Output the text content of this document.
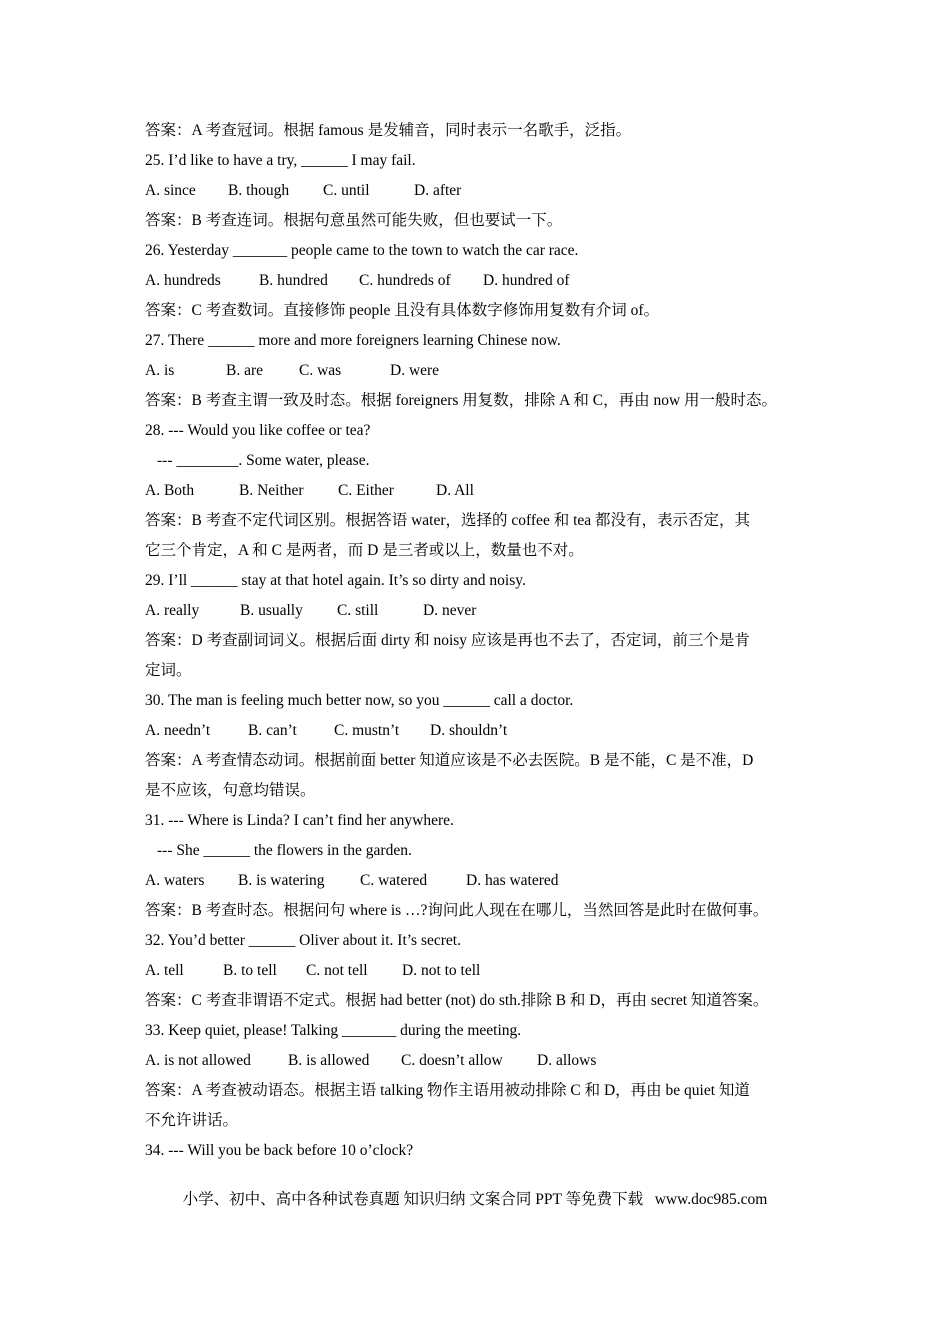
答案：A 考查冠词。根据 famous 是发辅音，同时表示一名歌手，泛指。
25. I’d like to have a try, ______ I may fail.
A. since	B. though	C. until	D. after
答案：B 考查连词。根据句意虽然可能失败，但也要试一下。
26. Yesterday _______ people came to the town to watch the car race.
A. hundreds	B. hundred	C. hundreds of	D. hundred of
答案：C 考查数词。直接修饰 people 且没有具体数字修饰用复数有介词 of。
27. There ______ more and more foreigners learning Chinese now.
A. is	B. are	C. was	D. were
答案：B 考查主谓一致及时态。根据 foreigners 用复数，排除 A 和 C，再由 now 用一般时态。
28. --- Would you like coffee or tea?
--- ________. Some water, please.
A. Both	B. Neither	C. Either	D. All
答案：B 考查不定代词区别。根据答语 water，选择的 coffee 和 tea 都没有，表示否定，其
它三个肯定，A 和 C 是两者，而 D 是三者或以上，数量也不对。
29. I’ll ______ stay at that hotel again. It’s so dirty and noisy.
A. really	B. usually	C. still	D. never
答案：D 考查副词词义。根据后面 dirty 和 noisy 应该是再也不去了，否定词，前三个是肯
定词。
30. The man is feeling much better now, so you ______ call a doctor.
A. needn’t	B. can’t	C. mustn’t	D. shouldn’t
答案：A 考查情态动词。根据前面 better 知道应该是不必去医院。B 是不能，C 是不准，D
是不应该，句意均错误。
31. --- Where is Linda? I can’t find her anywhere.
--- She ______ the flowers in the garden.
A. waters	B. is watering	C. watered	D. has watered
答案：B 考查时态。根据问句 where is …?询问此人现在在哪儿，当然回答是此时在做何事。
32. You’d better ______ Oliver about it. It’s secret.
A. tell	B. to tell	C. not tell	D. not to tell
答案：C 考查非谓语不定式。根据 had better (not) do sth.排除 B 和 D，再由 secret 知道答案。
33. Keep quiet, please! Talking _______ during the meeting.
A. is not allowed	B. is allowed	C. doesn’t allow	D. allows
答案：A 考查被动语态。根据主语 talking 物作主语用被动排除 C 和 D，再由 be quiet 知道
不允许讲话。
34. --- Will you be back before 10 o’clock?
小学、初中、高中各种试卷真题 知识归纳 文案合同 PPT 等免费下载   www.doc985.com
